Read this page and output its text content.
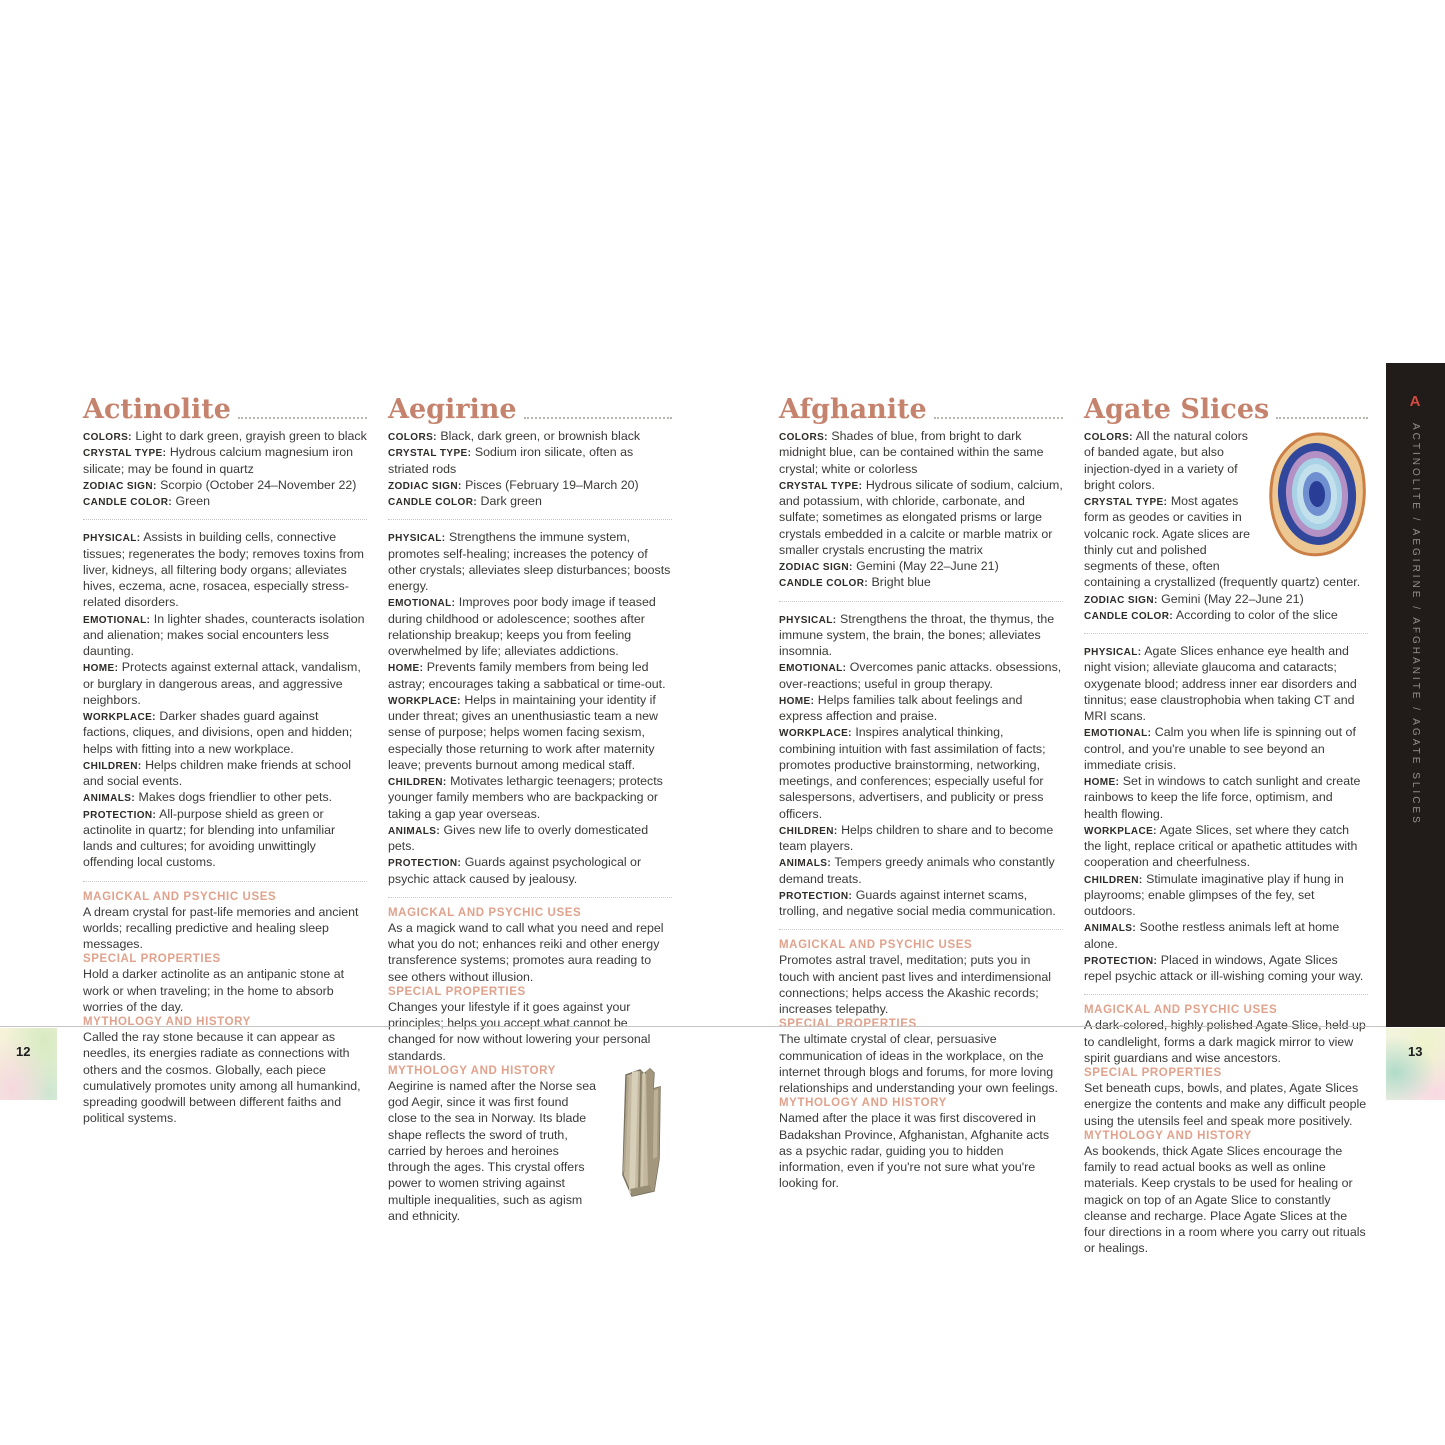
Actinolite

COLORS: Light to dark green, grayish green to black

CRYSTAL TYPE: Hydrous calcium magnesium iron silicate; may be found in quartz

ZODIAC SIGN: Scorpio (October 24–November 22)

CANDLE COLOR: Green

PHYSICAL: Assists in building cells, connective tissues; regenerates the body; removes toxins from liver, kidneys, all filtering body organs; alleviates hives, eczema, acne, rosacea, especially stress-related disorders.

EMOTIONAL: In lighter shades, counteracts isolation and alienation; makes social encounters less daunting.

HOME: Protects against external attack, vandalism, or burglary in dangerous areas, and aggressive neighbors.

WORKPLACE: Darker shades guard against factions, cliques, and divisions, open and hidden; helps with fitting into a new workplace.

CHILDREN: Helps children make friends at school and social events.

ANIMALS: Makes dogs friendlier to other pets.

PROTECTION: All-purpose shield as green or actinolite in quartz; for blending into unfamiliar lands and cultures; for avoiding unwittingly offending local customs.

MAGICKAL AND PSYCHIC USES

A dream crystal for past-life memories and ancient worlds; recalling predictive and healing sleep messages.

SPECIAL PROPERTIES

Hold a darker actinolite as an antipanic stone at work or when traveling; in the home to absorb worries of the day.

MYTHOLOGY AND HISTORY

Called the ray stone because it can appear as needles, its energies radiate as connections with others and the cosmos. Globally, each piece cumulatively promotes unity among all humankind, spreading goodwill between different faiths and political systems.

Aegirine

COLORS: Black, dark green, or brownish black

CRYSTAL TYPE: Sodium iron silicate, often as striated rods

ZODIAC SIGN: Pisces (February 19–March 20)

CANDLE COLOR: Dark green

PHYSICAL: Strengthens the immune system, promotes self-healing; increases the potency of other crystals; alleviates sleep disturbances; boosts energy.

EMOTIONAL: Improves poor body image if teased during childhood or adolescence; soothes after relationship breakup; keeps you from feeling overwhelmed by life; alleviates addictions.

HOME: Prevents family members from being led astray; encourages taking a sabbatical or time-out.

WORKPLACE: Helps in maintaining your identity if under threat; gives an unenthusiastic team a new sense of purpose; helps women facing sexism, especially those returning to work after maternity leave; prevents burnout among medical staff.

CHILDREN: Motivates lethargic teenagers; protects younger family members who are backpacking or taking a gap year overseas.

ANIMALS: Gives new life to overly domesticated pets.

PROTECTION: Guards against psychological or psychic attack caused by jealousy.

MAGICKAL AND PSYCHIC USES

As a magick wand to call what you need and repel what you do not; enhances reiki and other energy transference systems; promotes aura reading to see others without illusion.

SPECIAL PROPERTIES

Changes your lifestyle if it goes against your principles; helps you accept what cannot be changed for now without lowering your personal standards.

MYTHOLOGY AND HISTORY

Aegirine is named after the Norse sea god Aegir, since it was first found close to the sea in Norway. Its blade shape reflects the sword of truth, carried by heroes and heroines through the ages. This crystal offers power to women striving against multiple inequalities, such as agism and ethnicity.

Afghanite

COLORS: Shades of blue, from bright to dark midnight blue, can be contained within the same crystal; white or colorless

CRYSTAL TYPE: Hydrous silicate of sodium, calcium, and potassium, with chloride, carbonate, and sulfate; sometimes as elongated prisms or large crystals embedded in a calcite or marble matrix or smaller crystals encrusting the matrix

ZODIAC SIGN: Gemini (May 22–June 21)

CANDLE COLOR: Bright blue

PHYSICAL: Strengthens the throat, the thymus, the immune system, the brain, the bones; alleviates insomnia.

EMOTIONAL: Overcomes panic attacks. obsessions, over-reactions; useful in group therapy.

HOME: Helps families talk about feelings and express affection and praise.

WORKPLACE: Inspires analytical thinking, combining intuition with fast assimilation of facts; promotes productive brainstorming, networking, meetings, and conferences; especially useful for salespersons, advertisers, and publicity or press officers.

CHILDREN: Helps children to share and to become team players.

ANIMALS: Tempers greedy animals who constantly demand treats.

PROTECTION: Guards against internet scams, trolling, and negative social media communication.

MAGICKAL AND PSYCHIC USES

Promotes astral travel, meditation; puts you in touch with ancient past lives and interdimensional connections; helps access the Akashic records; increases telepathy.

SPECIAL PROPERTIES

The ultimate crystal of clear, persuasive communication of ideas in the workplace, on the internet through blogs and forums, for more loving relationships and understanding your own feelings.

MYTHOLOGY AND HISTORY

Named after the place it was first discovered in Badakshan Province, Afghanistan, Afghanite acts as a psychic radar, guiding you to hidden information, even if you're not sure what you're looking for.

Agate Slices

COLORS: All the natural colors of banded agate, but also injection-dyed in a variety of bright colors.

CRYSTAL TYPE: Most agates form as geodes or cavities in volcanic rock. Agate slices are thinly cut and polished segments of these, often containing a crystallized (frequently quartz) center.

ZODIAC SIGN: Gemini (May 22–June 21)

CANDLE COLOR: According to color of the slice

PHYSICAL: Agate Slices enhance eye health and night vision; alleviate glaucoma and cataracts; oxygenate blood; address inner ear disorders and tinnitus; ease claustrophobia when taking CT and MRI scans.

EMOTIONAL: Calm you when life is spinning out of control, and you're unable to see beyond an immediate crisis.

HOME: Set in windows to catch sunlight and create rainbows to keep the life force, optimism, and health flowing.

WORKPLACE: Agate Slices, set where they catch the light, replace critical or apathetic attitudes with cooperation and cheerfulness.

CHILDREN: Stimulate imaginative play if hung in playrooms; enable glimpses of the fey, set outdoors.

ANIMALS: Soothe restless animals left at home alone.

PROTECTION: Placed in windows, Agate Slices repel psychic attack or ill-wishing coming your way.

MAGICKAL AND PSYCHIC USES

A dark-colored, highly polished Agate Slice, held up to candlelight, forms a dark magick mirror to view spirit guardians and wise ancestors.

SPECIAL PROPERTIES

Set beneath cups, bowls, and plates, Agate Slices energize the contents and make any difficult people using the utensils feel and speak more positively.

MYTHOLOGY AND HISTORY

As bookends, thick Agate Slices encourage the family to read actual books as well as online materials. Keep crystals to be used for healing or magick on top of an Agate Slice to constantly cleanse and recharge. Place Agate Slices at the four directions in a room where you carry out rituals or healings.

A
ACTINOLITE / AEGIRINE / AFGHANITE / AGATE SLICES
12	13
